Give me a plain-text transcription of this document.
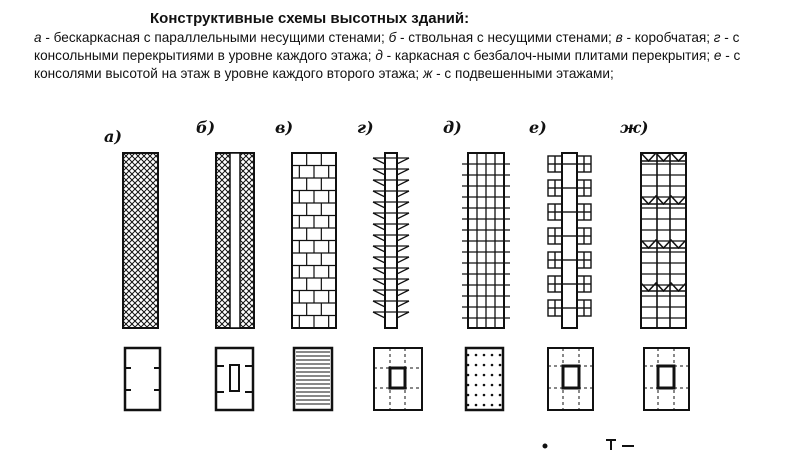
Конструктивные схемы высотных зданий:
а - бескаркасная с параллельными несущими стенами; б - ствольная с несущими стенами; в - коробчатая; г - с консольными перекрытиями в уровне каждого этажа; д - каркасная с безбалоч-ными плитами перекрытия; е - с консолями высотой на этаж в уровне каждого второго этажа; ж - с подвешенными этажами;
а)	б)	в)	г)	д)	е)	ж)
